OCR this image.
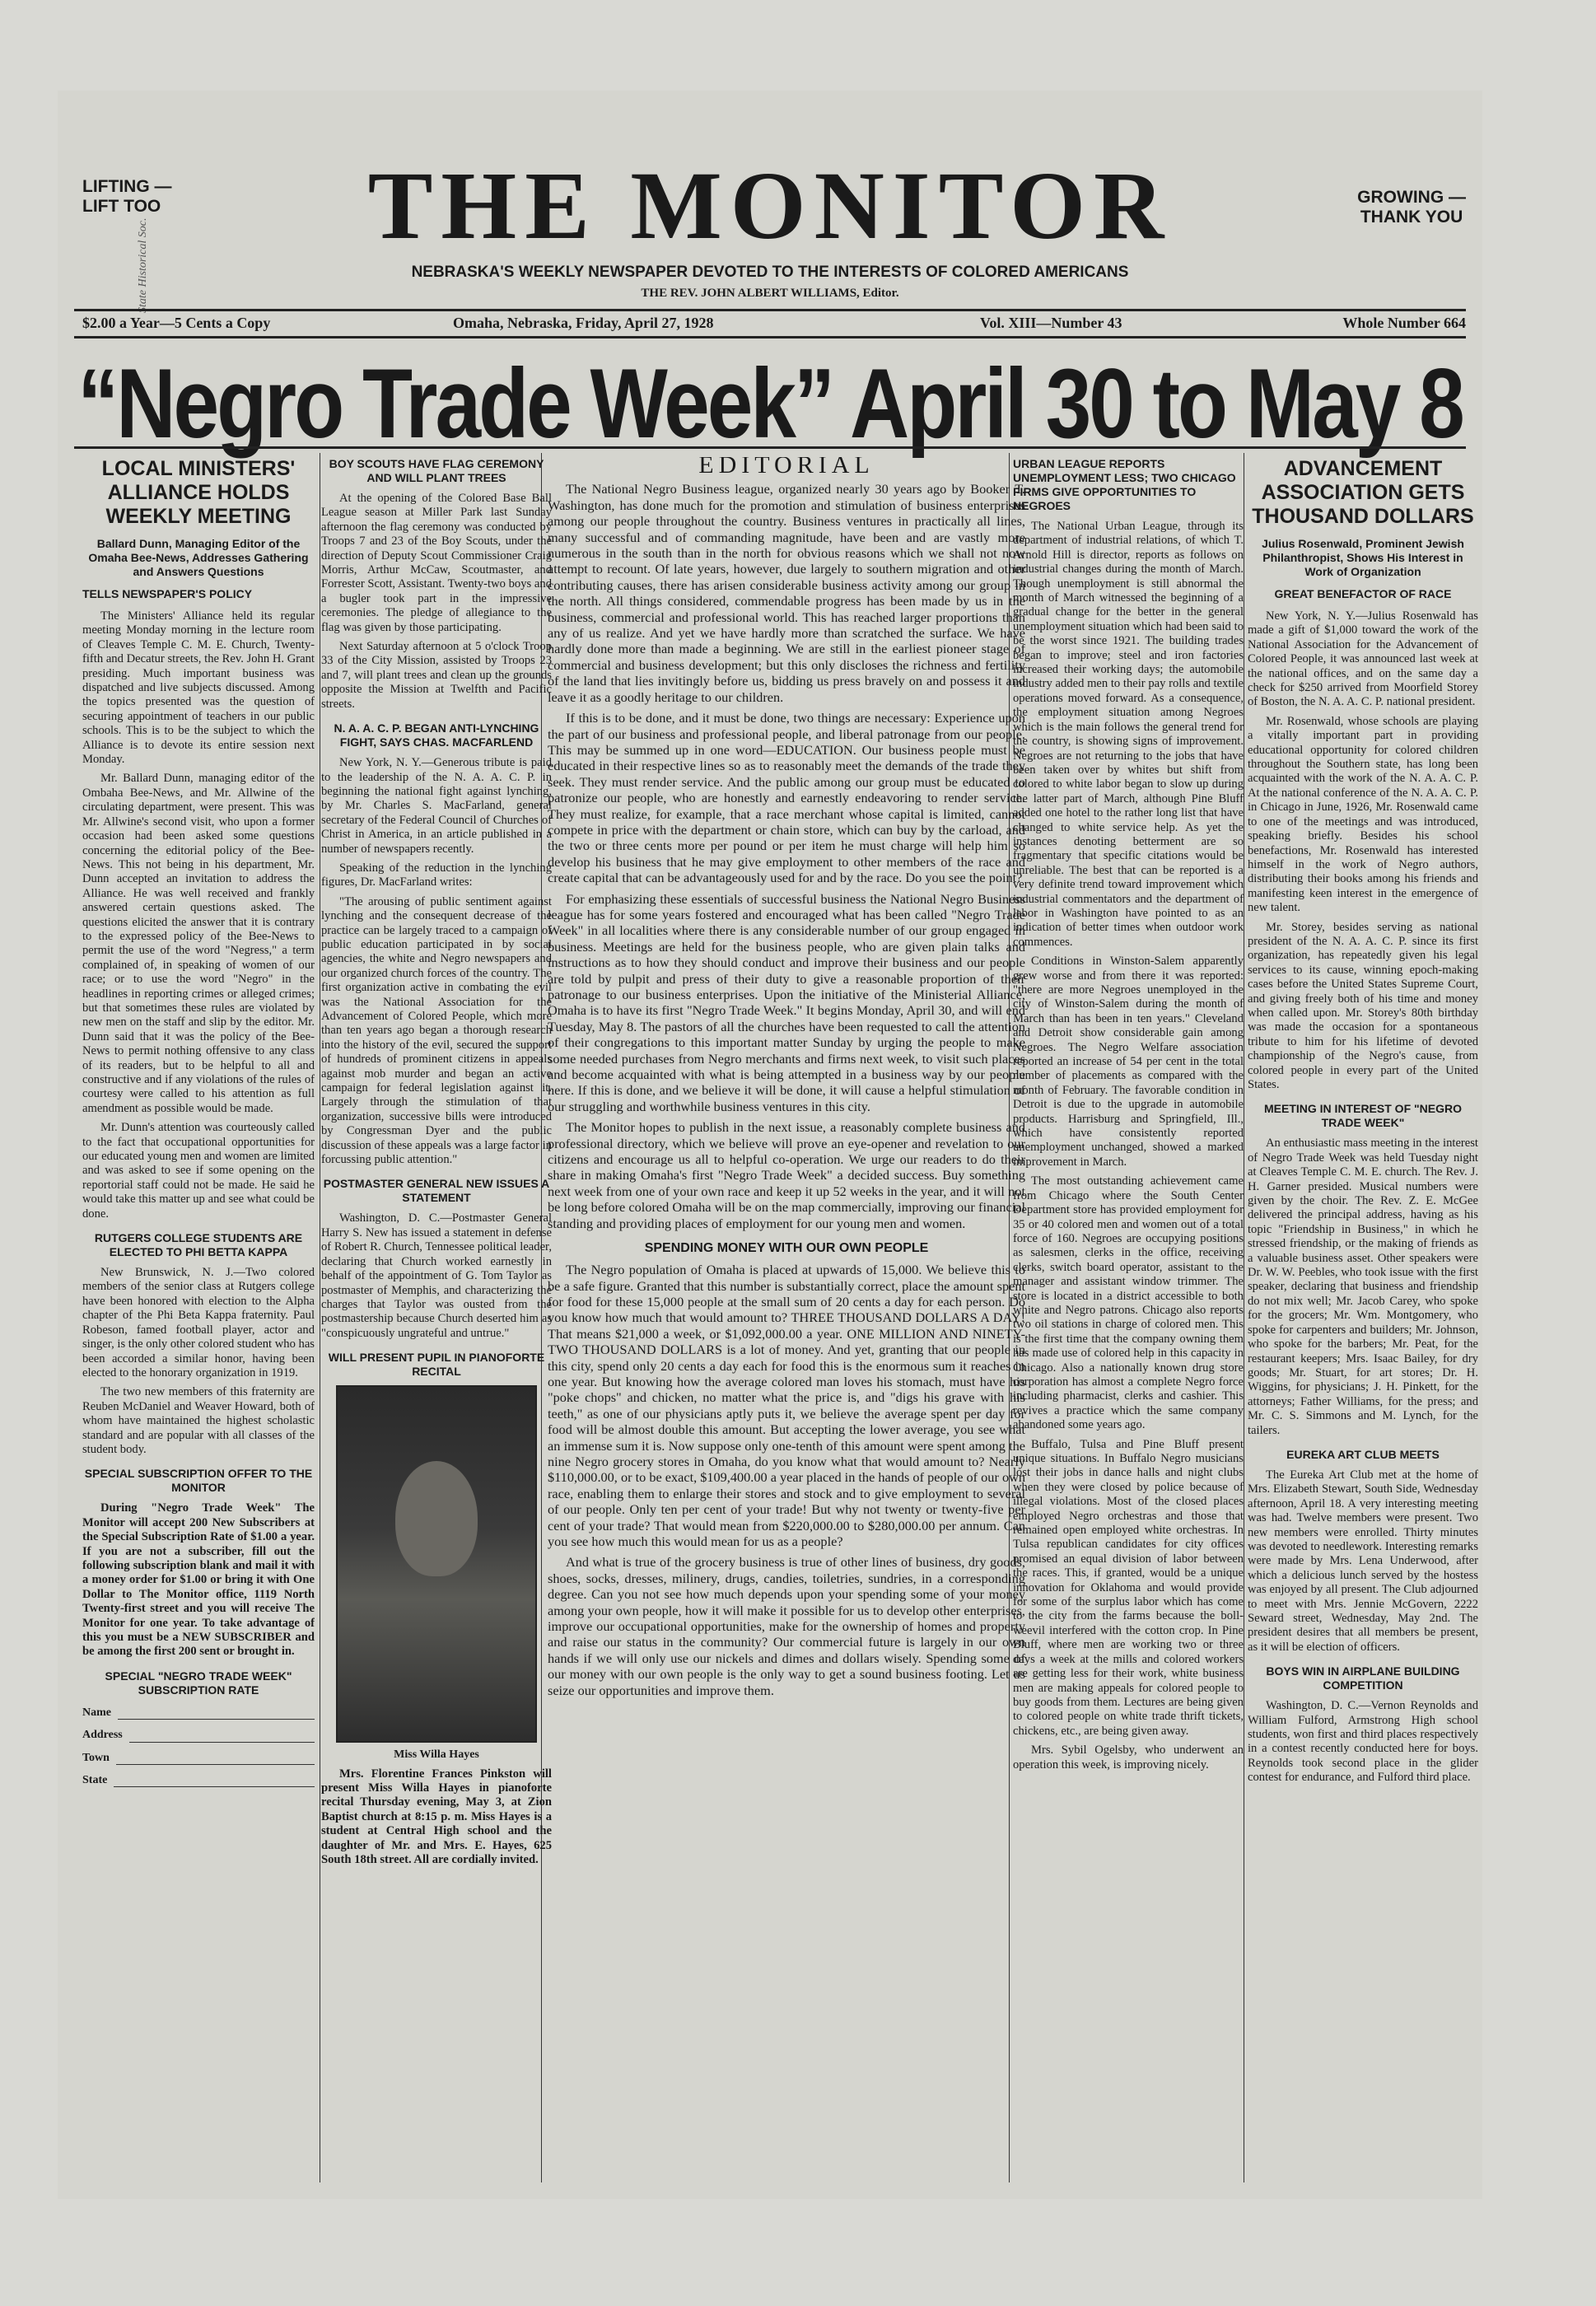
State Historical Soc.
LIFTING —
LIFT TOO	THE MONITOR	GROWING —
THANK YOU
NEBRASKA'S WEEKLY NEWSPAPER DEVOTED TO THE INTERESTS OF COLORED AMERICANS
THE REV. JOHN ALBERT WILLIAMS, Editor.
$2.00 a Year—5 Cents a Copy	Omaha, Nebraska, Friday, April 27, 1928	Vol. XIII—Number 43	Whole Number 664
“Negro Trade Week” April 30 to May 8
LOCAL MINISTERS' ALLIANCE HOLDS WEEKLY MEETING
Ballard Dunn, Managing Editor of the Omaha Bee-News, Addresses Gathering and Answers Questions
TELLS NEWSPAPER'S POLICY

The Ministers' Alliance held its regular meeting Monday morning in the lecture room of Cleaves Temple C. M. E. Church, Twenty-fifth and Decatur streets, the Rev. John H. Grant presiding. Much important business was dispatched and live subjects discussed. Among the topics presented was the question of securing appointment of teachers in our public schools. This is to be the subject to which the Alliance is to devote its entire session next Monday.

Mr. Ballard Dunn, managing editor of the Ombaha Bee-News, and Mr. Allwine of the circulating department, were present. This was Mr. Allwine's second visit, who upon a former occasion had been asked some questions concerning the editorial policy of the Bee-News. This not being in his department, Mr. Dunn accepted an invitation to address the Alliance. He was well received and frankly answered certain questions asked. The questions elicited the answer that it is contrary to the expressed policy of the Bee-News to permit the use of the word "Negress," a term complained of, in speaking of women of our race; or to use the word "Negro" in the headlines in reporting crimes or alleged crimes; but that sometimes these rules are violated by new men on the staff and slip by the editor. Mr. Dunn said that it was the policy of the Bee-News to permit nothing offensive to any class of its readers, but to be helpful to all and constructive and if any violations of the rules of courtesy were called to his attention as full amendment as possible would be made.

Mr. Dunn's attention was courteously called to the fact that occupational opportunities for our educated young men and women are limited and was asked to see if some opening on the reportorial staff could not be made. He said he would take this matter up and see what could be done.

RUTGERS COLLEGE STUDENTS ARE ELECTED TO PHI BETTA KAPPA

New Brunswick, N. J.—Two colored members of the senior class at Rutgers college have been honored with election to the Alpha chapter of the Phi Beta Kappa fraternity. Paul Robeson, famed football player, actor and singer, is the only other colored student who has been accorded a similar honor, having been elected to the honorary organization in 1919.

The two new members of this fraternity are Reuben McDaniel and Weaver Howard, both of whom have maintained the highest scholastic standard and are popular with all classes of the student body.

SPECIAL SUBSCRIPTION OFFER TO THE MONITOR

During "Negro Trade Week" The Monitor will accept 200 New Subscribers at the Special Subscription Rate of $1.00 a year. If you are not a subscriber, fill out the following subscription blank and mail it with a money order for $1.00 or bring it with One Dollar to The Monitor office, 1119 North Twenty-first street and you will receive The Monitor for one year. To take advantage of this you must be a NEW SUBSCRIBER and be among the first 200 sent or brought in.

SPECIAL "NEGRO TRADE WEEK" SUBSCRIPTION RATE
Name
Address
Town
State
BOY SCOUTS HAVE FLAG CEREMONY AND WILL PLANT TREES

At the opening of the Colored Base Ball League season at Miller Park last Sunday afternoon the flag ceremony was conducted by Troops 7 and 23 of the Boy Scouts, under the direction of Deputy Scout Commissioner Craig Morris, Arthur McCaw, Scoutmaster, and Forrester Scott, Assistant. Twenty-two boys and a bugler took part in the impressive ceremonies. The pledge of allegiance to the flag was given by those participating.

Next Saturday afternoon at 5 o'clock Troop 33 of the City Mission, assisted by Troops 23 and 7, will plant trees and clean up the grounds opposite the Mission at Twelfth and Pacific streets.

N. A. A. C. P. BEGAN ANTI-LYNCHING FIGHT, SAYS CHAS. MACFARLEND

New York, N. Y.—Generous tribute is paid to the leadership of the N. A. A. C. P. in beginning the national fight against lynching, by Mr. Charles S. MacFarland, general secretary of the Federal Council of Churches of Christ in America, in an article published in a number of newspapers recently.

Speaking of the reduction in the lynching figures, Dr. MacFarland writes:

"The arousing of public sentiment against lynching and the consequent decrease of the practice can be largely traced to a campaign of public education participated in by social agencies, the white and Negro newspapers and our organized church forces of the country. The first organization active in combating the evil was the National Association for the Advancement of Colored People, which more than ten years ago began a thorough research into the history of the evil, secured the support of hundreds of prominent citizens in appeals against mob murder and began an active campaign for federal legislation against it. Largely through the stimulation of that organization, successive bills were introduced by Congressman Dyer and the public discussion of these appeals was a large factor in forcussing public attention."

POSTMASTER GENERAL NEW ISSUES A STATEMENT

Washington, D. C.—Postmaster General Harry S. New has issued a statement in defense of Robert R. Church, Tennessee political leader, declaring that Church worked earnestly in behalf of the appointment of G. Tom Taylor as postmaster of Memphis, and characterizing the charges that Taylor was ousted from the postmastership because Church deserted him as "conspicuously ungrateful and untrue."

WILL PRESENT PUPIL IN PIANOFORTE RECITAL
Miss Willa Hayes

Mrs. Florentine Frances Pinkston will present Miss Willa Hayes in pianoforte recital Thursday evening, May 3, at Zion Baptist church at 8:15 p. m. Miss Hayes is a student at Central High school and the daughter of Mr. and Mrs. E. Hayes, 625 South 18th street. All are cordially invited.

EDITORIAL

The National Negro Business league, organized nearly 30 years ago by Booker T. Washington, has done much for the promotion and stimulation of business enterprises among our people throughout the country. Business ventures in practically all lines, many successful and of commanding magnitude, have been and are vastly more numerous in the south than in the north for obvious reasons which we shall not now attempt to recount. Of late years, however, due largely to southern migration and other contributing causes, there has arisen considerable business activity among our group in the north. All things considered, commendable progress has been made by us in the business, commercial and professional world. This has reached larger proportions than any of us realize. And yet we have hardly more than scratched the surface. We have hardly done more than made a beginning. We are still in the earliest pioneer stage of commercial and business development; but this only discloses the richness and fertility of the land that lies invitingly before us, bidding us press bravely on and possess it and leave it as a goodly heritage to our children.

If this is to be done, and it must be done, two things are necessary: Experience upon the part of our business and professional people, and liberal patronage from our people. This may be summed up in one word—EDUCATION. Our business people must be educated in their respective lines so as to reasonably meet the demands of the trade they seek. They must render service. And the public among our group must be educated to patronize our people, who are honestly and earnestly endeavoring to render service. They must realize, for example, that a race merchant whose capital is limited, cannot compete in price with the department or chain store, which can buy by the carload, and the two or three cents more per pound or per item he must charge will help him so develop his business that he may give employment to other members of the race and create capital that can be advantageously used for and by the race. Do you see the point?

For emphasizing these essentials of successful business the National Negro Business league has for some years fostered and encouraged what has been called "Negro Trade Week" in all localities where there is any considerable number of our group engaged in business. Meetings are held for the business people, who are given plain talks and instructions as to how they should conduct and improve their business and our people are told by pulpit and press of their duty to give a reasonable proportion of their patronage to our business enterprises. Upon the initiative of the Ministerial Alliance, Omaha is to have its first "Negro Trade Week." It begins Monday, April 30, and will end Tuesday, May 8. The pastors of all the churches have been requested to call the attention of their congregations to this important matter Sunday by urging the people to make some needed purchases from Negro merchants and firms next week, to visit such places and become acquainted with what is being attempted in a business way by our people here. If this is done, and we believe it will be done, it will cause a helpful stimulation of our struggling and worthwhile business ventures in this city.

The Monitor hopes to publish in the next issue, a reasonably complete business and professional directory, which we believe will prove an eye-opener and revelation to our citizens and encourage us all to helpful co-operation. We urge our readers to do their share in making Omaha's first "Negro Trade Week" a decided success. Buy something next week from one of your own race and keep it up 52 weeks in the year, and it will not be long before colored Omaha will be on the map commercially, improving our financial standing and providing places of employment for our young men and women.

SPENDING MONEY WITH OUR OWN PEOPLE

The Negro population of Omaha is placed at upwards of 15,000. We believe this to be a safe figure. Granted that this number is substantially correct, place the amount spent for food for these 15,000 people at the small sum of 20 cents a day for each person. Do you know how much that would amount to? THREE THOUSAND DOLLARS A DAY! That means $21,000 a week, or $1,092,000.00 a year. ONE MILLION AND NINETY-TWO THOUSAND DOLLARS is a lot of money. And yet, granting that our people in this city, spend only 20 cents a day each for food this is the enormous sum it reaches in one year. But knowing how the average colored man loves his stomach, must have his "poke chops" and chicken, no matter what the price is, and "digs his grave with his teeth," as one of our physicians aptly puts it, we believe the average spent per day for food will be almost double this amount. But accepting the lower average, you see what an immense sum it is. Now suppose only one-tenth of this amount were spent among the nine Negro grocery stores in Omaha, do you know what that would amount to? Nearly $110,000.00, or to be exact, $109,400.00 a year placed in the hands of people of our own race, enabling them to enlarge their stores and stock and to give employment to several of our people. Only ten per cent of your trade! But why not twenty or twenty-five per cent of your trade? That would mean from $220,000.00 to $280,000.00 per annum. Can you see how much this would mean for us as a people?

And what is true of the grocery business is true of other lines of business, dry goods, shoes, socks, dresses, milinery, drugs, candies, toiletries, sundries, in a corresponding degree. Can you not see how much depends upon your spending some of your money among your own people, how it will make it possible for us to develop other enterprises, improve our occupational opportunities, make for the ownership of homes and property and raise our status in the community? Our commercial future is largely in our own hands if we will only use our nickels and dimes and dollars wisely. Spending some of our money with our own people is the only way to get a sound business footing. Let us seize our opportunities and improve them.

URBAN LEAGUE REPORTS UNEMPLOYMENT LESS; TWO CHICAGO FIRMS GIVE OPPORTUNITIES TO NEGROES

The National Urban League, through its department of industrial relations, of which T. Arnold Hill is director, reports as follows on industrial changes during the month of March. Though unemployment is still abnormal the month of March witnessed the beginning of a gradual change for the better in the general unemployment situation which had been said to be the worst since 1921. The building trades began to improve; steel and iron factories increased their working days; the automobile industry added men to their pay rolls and textile operations moved forward. As a consequence, the employment situation among Negroes which is the main follows the general trend for the country, is showing signs of improvement. Negroes are not returning to the jobs that have been taken over by whites but shift from colored to white labor began to slow up during the latter part of March, although Pine Bluff added one hotel to the rather long list that have changed to white service help. As yet the instances denoting betterment are so fragmentary that specific citations would be unreliable. The best that can be reported is a very definite trend toward improvement which industrial commentators and the department of labor in Washington have pointed to as an indication of better times when outdoor work commences.

Conditions in Winston-Salem apparently grew worse and from there it was reported: "there are more Negroes unemployed in the city of Winston-Salem during the month of March than has been in ten years." Cleveland and Detroit show considerable gain among Negroes. The Negro Welfare association reported an increase of 54 per cent in the total number of placements as compared with the month of February. The favorable condition in Detroit is due to the upgrade in automobile products. Harrisburg and Springfield, Ill., which have consistently reported unemployment unchanged, showed a marked improvement in March.

The most outstanding achievement came from Chicago where the South Center Department store has provided employment for 35 or 40 colored men and women out of a total force of 160. Negroes are occupying positions as salesmen, clerks in the office, receiving clerks, switch board operator, assistant to the manager and assistant window trimmer. The store is located in a district accessible to both white and Negro patrons. Chicago also reports two oil stations in charge of colored men. This is the first time that the company owning them has made use of colored help in this capacity in Chicago. Also a nationally known drug store corporation has almost a complete Negro force including pharmacist, clerks and cashier. This revives a practice which the same company abandoned some years ago.

Buffalo, Tulsa and Pine Bluff present unique situations. In Buffalo Negro musicians lost their jobs in dance halls and night clubs when they were closed by police because of illegal violations. Most of the closed places employed Negro orchestras and those that remained open employed white orchestras. In Tulsa republican candidates for city offices promised an equal division of labor between the races. This, if granted, would be a unique innovation for Oklahoma and would provide for some of the surplus labor which has come to the city from the farms because the boll-weevil interfered with the cotton crop. In Pine Bluff, where men are working two or three days a week at the mills and colored workers are getting less for their work, white business men are making appeals for colored people to buy goods from them. Lectures are being given to colored people on white trade thrift tickets, chickens, etc., are being given away.

Mrs. Sybil Ogelsby, who underwent an operation this week, is improving nicely.

ADVANCEMENT ASSOCIATION GETS THOUSAND DOLLARS
Julius Rosenwald, Prominent Jewish Philanthropist, Shows His Interest in Work of Organization
GREAT BENEFACTOR OF RACE

New York, N. Y.—Julius Rosenwald has made a gift of $1,000 toward the work of the National Association for the Advancement of Colored People, it was announced last week at the national offices, and on the same day a check for $250 arrived from Moorfield Storey of Boston, the N. A. A. C. P. national president.

Mr. Rosenwald, whose schools are playing a vitally important part in providing educational opportunity for colored children throughout the Southern state, has long been acquainted with the work of the N. A. A. C. P. At the national conference of the N. A. A. C. P. in Chicago in June, 1926, Mr. Rosenwald came to one of the meetings and was introduced, speaking briefly. Besides his school benefactions, Mr. Rosenwald has interested himself in the work of Negro authors, distributing their books among his friends and manifesting keen interest in the emergence of new talent.

Mr. Storey, besides serving as national president of the N. A. A. C. P. since its first organization, has repeatedly given his legal services to its cause, winning epoch-making cases before the United States Supreme Court, and giving freely both of his time and money when called upon. Mr. Storey's 80th birthday was made the occasion for a spontaneous tribute to him for his lifetime of devoted championship of the Negro's cause, from colored people in every part of the United States.

MEETING IN INTEREST OF "NEGRO TRADE WEEK"

An enthusiastic mass meeting in the interest of Negro Trade Week was held Tuesday night at Cleaves Temple C. M. E. church. The Rev. J. H. Garner presided. Musical numbers were given by the choir. The Rev. Z. E. McGee delivered the principal address, having as his topic "Friendship in Business," in which he stressed friendship, or the making of friends as a valuable business asset. Other speakers were Dr. W. W. Peebles, who took issue with the first speaker, declaring that business and friendship do not mix well; Mr. Jacob Carey, who spoke for the grocers; Mr. Wm. Montgomery, who spoke for carpenters and builders; Mr. Johnson, who spoke for the barbers; Mr. Peat, for the restaurant keepers; Mrs. Isaac Bailey, for dry goods; Mr. Stuart, for art stores; Dr. H. Wiggins, for physicians; J. H. Pinkett, for the attorneys; Father Williams, for the press; and Mr. C. S. Simmons and M. Lynch, for the tailers.

EUREKA ART CLUB MEETS

The Eureka Art Club met at the home of Mrs. Elizabeth Stewart, South Side, Wednesday afternoon, April 18. A very interesting meeting was had. Twelve members were present. Two new members were enrolled. Thirty minutes was devoted to needlework. Interesting remarks were made by Mrs. Lena Underwood, after which a delicious lunch served by the hostess was enjoyed by all present. The Club adjourned to meet with Mrs. Jennie McGovern, 2222 Seward street, Wednesday, May 2nd. The president desires that all members be present, as it will be election of officers.

BOYS WIN IN AIRPLANE BUILDING COMPETITION

Washington, D. C.—Vernon Reynolds and William Fulford, Armstrong High school students, won first and third places respectively in a contest recently conducted here for boys. Reynolds took second place in the glider contest for endurance, and Fulford third place.
